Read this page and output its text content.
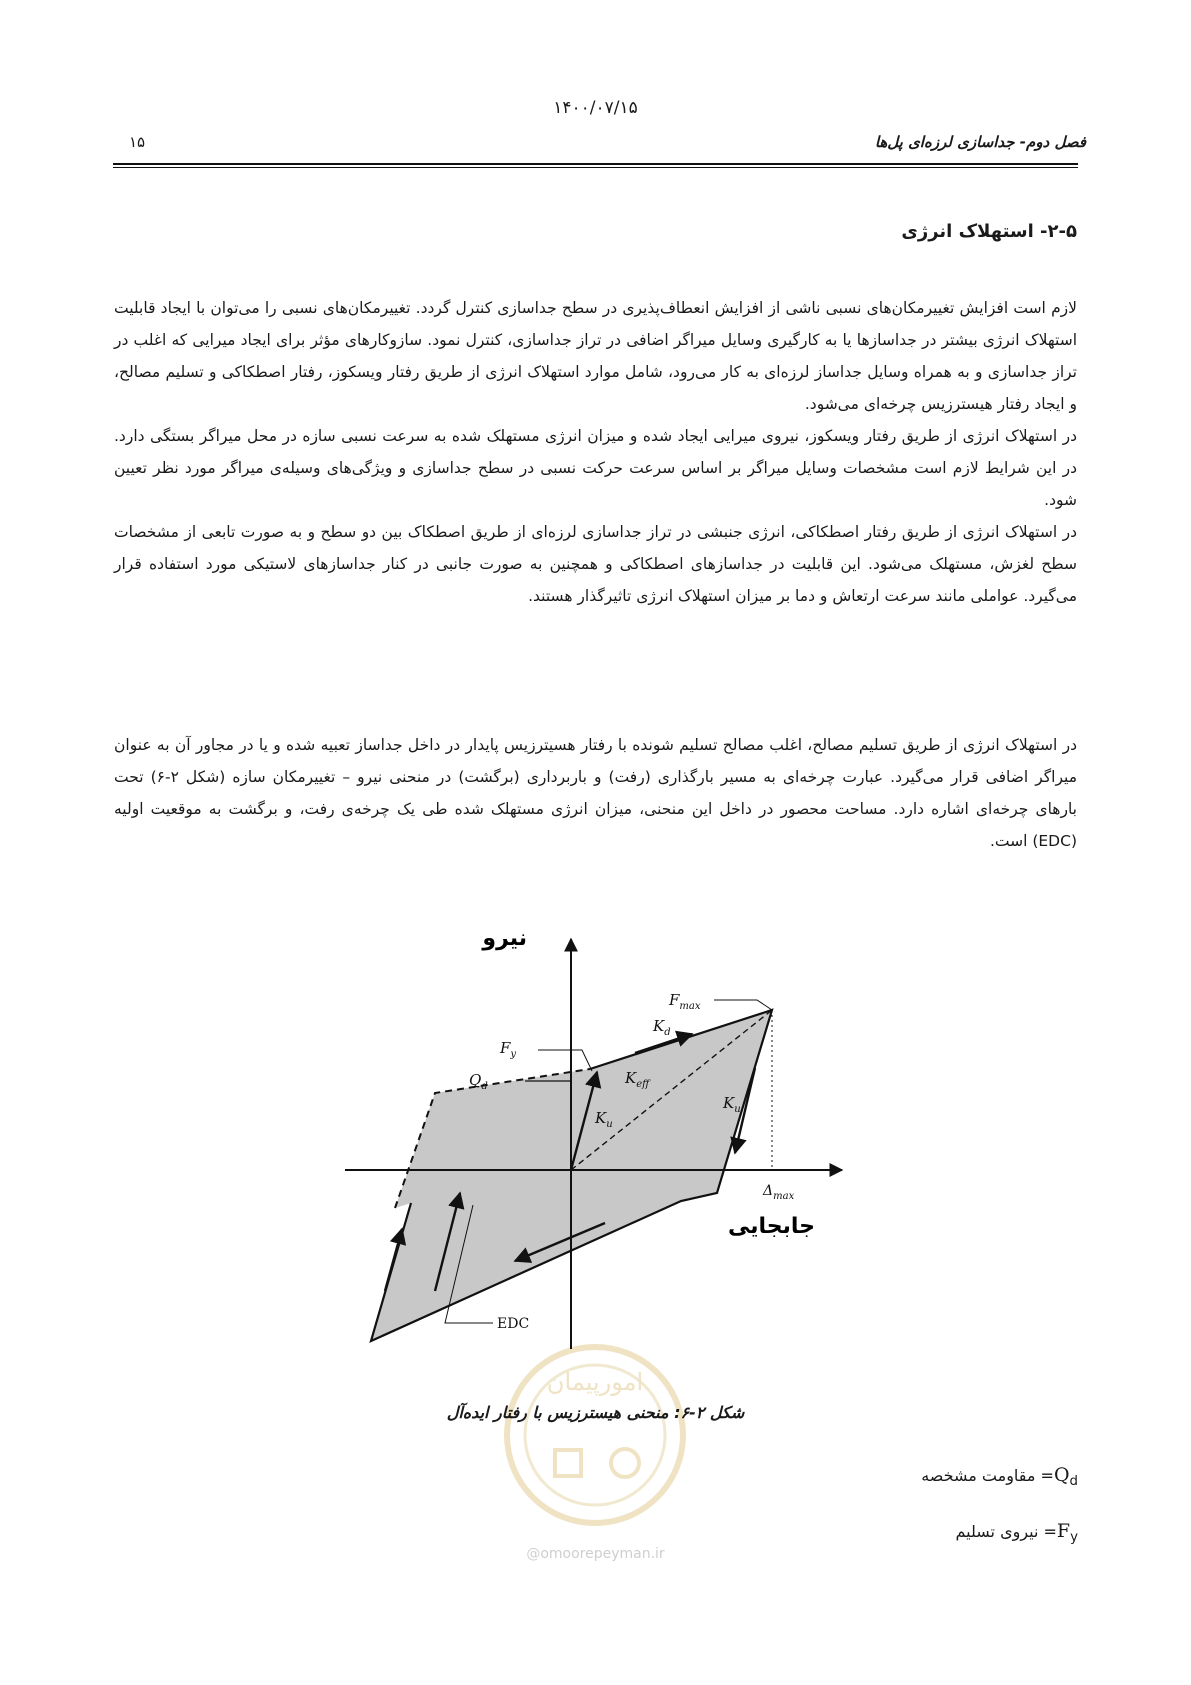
۱۴۰۰/۰۷/۱۵
فصل دوم- جداسازی لرزه‌ای پل‌ها
۱۵
۲-۵- استهلاک انرژی

لازم است افزایش تغییرمکان‌های نسبی ناشی از افزایش انعطاف‌پذیری در سطح جداسازی کنترل گردد. تغییرمکان‌های نسبی را می‌توان با ایجاد قابلیت استهلاک انرژی بیشتر در جداسازها یا به کارگیری وسایل میراگر اضافی در تراز جداسازی، کنترل نمود. سازوکارهای مؤثر برای ایجاد میرایی که اغلب در تراز جداسازی و به همراه وسایل جداساز لرزه‌ای به کار می‌رود، شامل موارد استهلاک انرژی از طریق رفتار ویسکوز، رفتار اصطکاکی و تسلیم مصالح، و ایجاد رفتار هیسترزیس چرخه‌ای می‌شود.

در استهلاک انرژی از طریق رفتار ویسکوز، نیروی میرایی ایجاد شده و میزان انرژی مستهلک شده به سرعت نسبی سازه در محل میراگر بستگی دارد. در این شرایط لازم است مشخصات وسایل میراگر بر اساس سرعت حرکت نسبی در سطح جداسازی و ویژگی‌های وسیله‌ی میراگر مورد نظر تعیین شود.

در استهلاک انرژی از طریق رفتار اصطکاکی، انرژی جنبشی در تراز جداسازی لرزه‌ای از طریق اصطکاک بین دو سطح و به صورت تابعی از مشخصات سطح لغزش، مستهلک می‌شود. این قابلیت در جداسازهای اصطکاکی و همچنین به صورت جانبی در کنار جداسازهای لاستیکی مورد استفاده قرار می‌گیرد. عواملی مانند سرعت ارتعاش و دما بر میزان استهلاک انرژی تاثیرگذار هستند.

در استهلاک انرژی از طریق تسلیم مصالح، اغلب مصالح تسلیم شونده با رفتار هسیترزیس پایدار در داخل جداساز تعبیه شده و یا در مجاور آن به عنوان میراگر اضافی قرار می‌گیرد. عبارت چرخه‌ای به مسیر بارگذاری (رفت) و باربرداری (برگشت) در منحنی نیرو – تغییرمکان سازه (شکل ۲-۶) تحت بارهای چرخه‌ای اشاره دارد. مساحت محصور در داخل این منحنی، میزان انرژی مستهلک شده طی یک چرخه‌ی رفت، و برگشت به موقعیت اولیه (EDC) است.

امورپیمان
نیرو
جابجایی
$F_{max}$
$F_y$
$Q_d$
$K_d$
$K_{eff}$
$K_u$
$K_u$
$\Delta_{max}$
EDC
شکل ۲-۶: منحنی هیسترزیس با رفتار ایده‌آل
$Q_d=$ مقاومت مشخصه
$F_y=$ نیروی تسلیم
@omoorepeyman.ir
